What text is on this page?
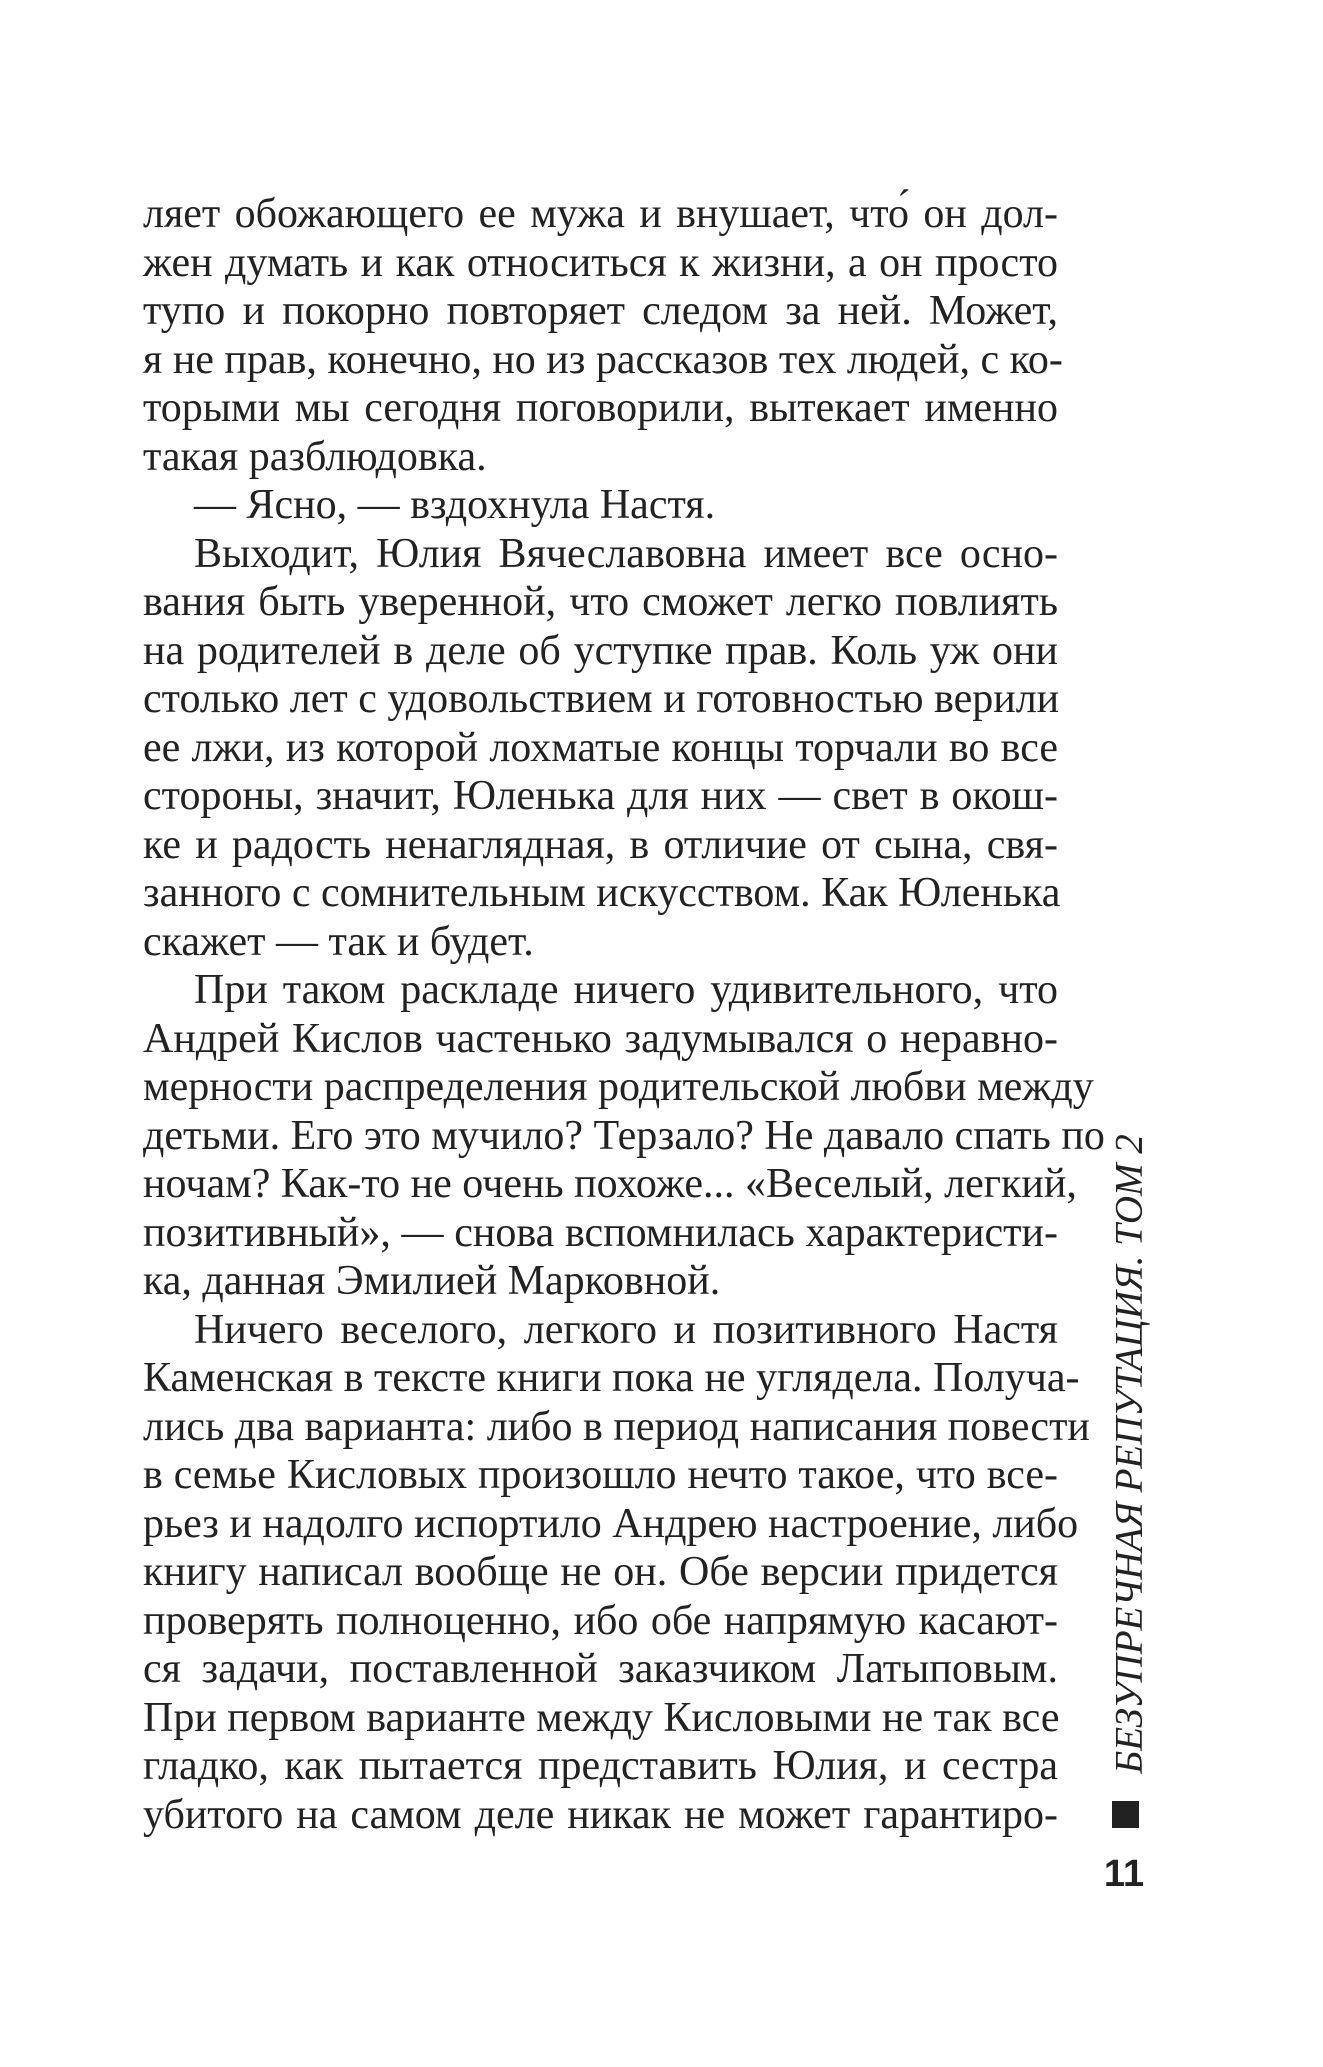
ляет обожающего ее мужа и внушает, что́ он дол-
жен думать и как относиться к жизни, а он просто
тупо и покорно повторяет следом за ней. Может,
я не прав, конечно, но из рассказов тех людей, с ко-
торыми мы сегодня поговорили, вытекает именно
такая разблюдовка.
— Ясно, — вздохнула Настя.
Выходит, Юлия Вячеславовна имеет все осно-
вания быть уверенной, что сможет легко повлиять
на родителей в деле об уступке прав. Коль уж они
столько лет с удовольствием и готовностью верили
ее лжи, из которой лохматые концы торчали во все
стороны, значит, Юленька для них — свет в окош-
ке и радость ненаглядная, в отличие от сына, свя-
занного с сомнительным искусством. Как Юленька
скажет — так и будет.
При таком раскладе ничего удивительного, что
Андрей Кислов частенько задумывался о неравно-
мерности распределения родительской любви между
детьми. Его это мучило? Терзало? Не давало спать по
ночам? Как-то не очень похоже... «Веселый, легкий,
позитивный», — снова вспомнилась характеристи-
ка, данная Эмилией Марковной.
Ничего веселого, легкого и позитивного Настя
Каменская в тексте книги пока не углядела. Получа-
лись два варианта: либо в период написания повести
в семье Кисловых произошло нечто такое, что все-
рьез и надолго испортило Андрею настроение, либо
книгу написал вообще не он. Обе версии придется
проверять полноценно, ибо обе напрямую касают-
ся задачи, поставленной заказчиком Латыповым.
При первом варианте между Кисловыми не так все
гладко, как пытается представить Юлия, и сестра
убитого на самом деле никак не может гарантиро-
БЕЗУПРЕЧНАЯ РЕПУТАЦИЯ. ТОМ 2
11
